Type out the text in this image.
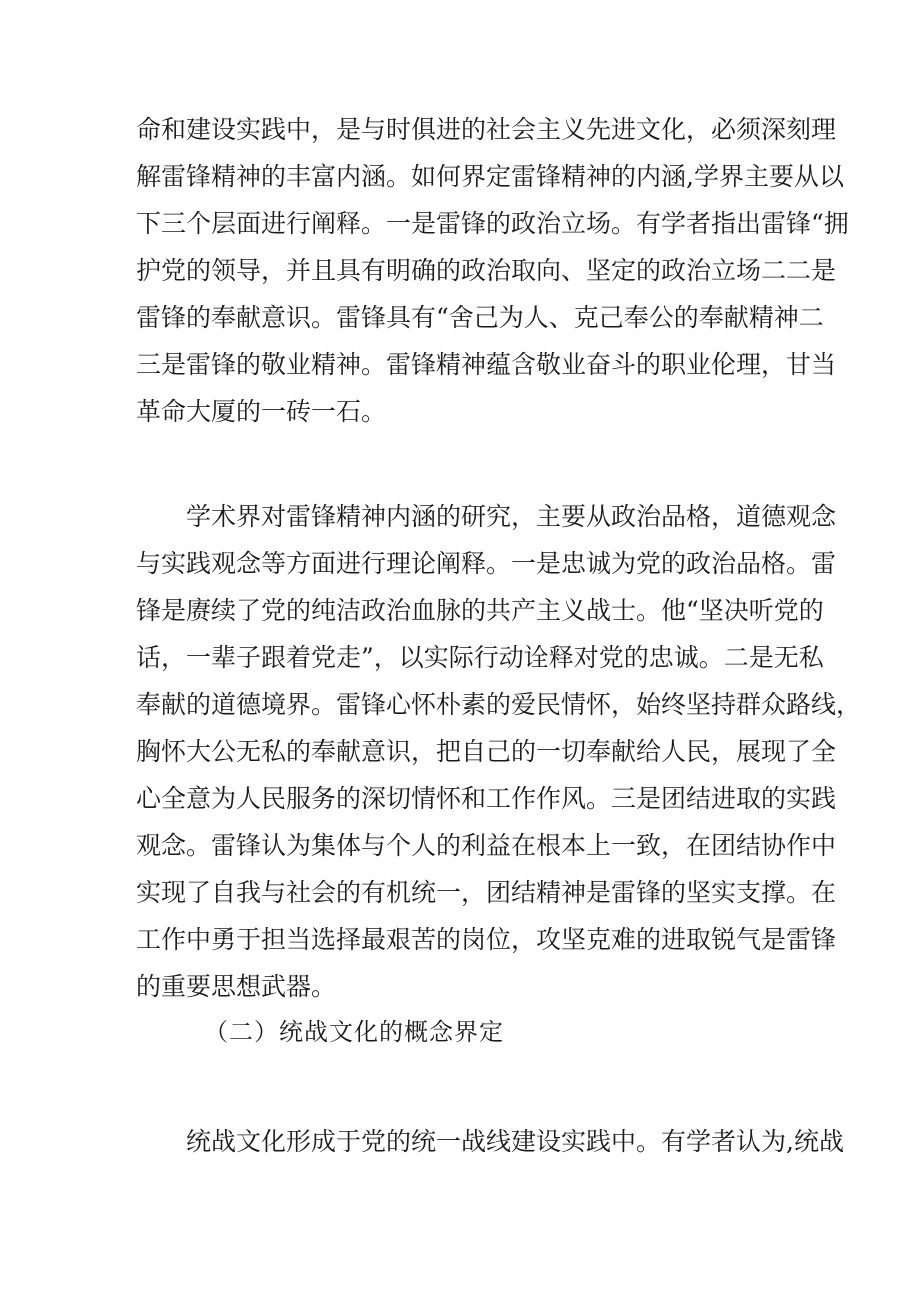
命和建设实践中，是与时俱进的社会主义先进文化，必须深刻理
解雷锋精神的丰富内涵。如何界定雷锋精神的内涵,学界主要从以
下三个层面进行阐释。一是雷锋的政治立场。有学者指出雷锋“拥
护党的领导，并且具有明确的政治取向、坚定的政治立场二二是
雷锋的奉献意识。雷锋具有“舍己为人、克己奉公的奉献精神二
三是雷锋的敬业精神。雷锋精神蕴含敬业奋斗的职业伦理，甘当
革命大厦的一砖一石。
学术界对雷锋精神内涵的研究，主要从政治品格，道德观念
与实践观念等方面进行理论阐释。一是忠诚为党的政治品格。雷
锋是赓续了党的纯洁政治血脉的共产主义战士。他“坚决听党的
话，一辈子跟着党走”，以实际行动诠释对党的忠诚。二是无私
奉献的道德境界。雷锋心怀朴素的爱民情怀，始终坚持群众路线，
胸怀大公无私的奉献意识，把自己的一切奉献给人民，展现了全
心全意为人民服务的深切情怀和工作作风。三是团结进取的实践
观念。雷锋认为集体与个人的利益在根本上一致，在团结协作中
实现了自我与社会的有机统一，团结精神是雷锋的坚实支撑。在
工作中勇于担当选择最艰苦的岗位，攻坚克难的进取锐气是雷锋
的重要思想武器。
（二）统战文化的概念界定
统战文化形成于党的统一战线建设实践中。有学者认为,统战
